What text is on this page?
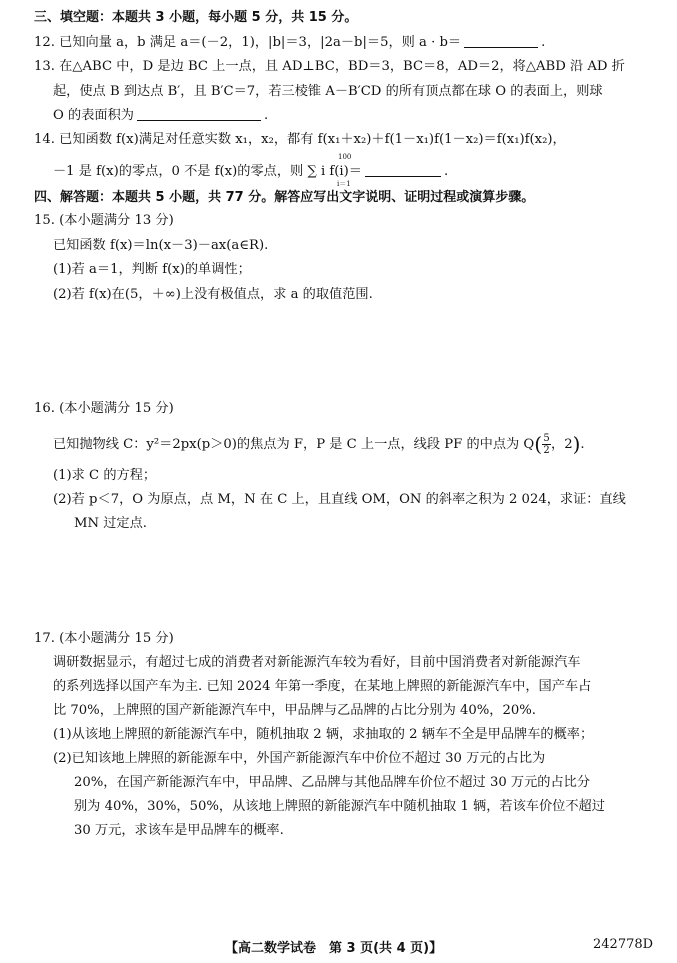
三、填空题：本题共 3 小题，每小题 5 分，共 15 分。
12. 已知向量 a，b 满足 a＝(－2，1)，|b|＝3，|2a－b|＝5，则 a · b＝	.
13. 在△ABC 中，D 是边 BC 上一点，且 AD⊥BC，BD＝3，BC＝8，AD＝2，将△ABD 沿 AD 折
起，使点 B 到达点 B′，且 B′C＝7，若三棱锥 A－B′CD 的所有顶点都在球 O 的表面上，则球
O 的表面积为	.
14. 已知函数 f(x)满足对任意实数 x₁，x₂，都有 f(x₁＋x₂)＋f(1－x₁)f(1－x₂)＝f(x₁)f(x₂)，
－1 是 f(x)的零点，0 不是 f(x)的零点，则 ∑ i f(i)＝	.
100
i＝1
四、解答题：本题共 5 小题，共 77 分。解答应写出文字说明、证明过程或演算步骤。
15. (本小题满分 13 分)
已知函数 f(x)＝ln(x－3)－ax(a∈R).
(1)若 a＝1，判断 f(x)的单调性；
(2)若 f(x)在(5，＋∞)上没有极值点，求 a 的取值范围.
16. (本小题满分 15 分)
已知抛物线 C：y²＝2px(p＞0)的焦点为 F，P 是 C 上一点，线段 PF 的中点为 $Q( \frac{5}{2}$ ，2).
(1)求 C 的方程；
(2)若 p＜7，O 为原点，点 M，N 在 C 上，且直线 OM，ON 的斜率之积为 2 024，求证：直线
MN 过定点.
17. (本小题满分 15 分)
调研数据显示，有超过七成的消费者对新能源汽车较为看好，目前中国消费者对新能源汽车
的系列选择以国产车为主. 已知 2024 年第一季度，在某地上牌照的新能源汽车中，国产车占
比 70%，上牌照的国产新能源汽车中，甲品牌与乙品牌的占比分别为 40%，20%.
(1)从该地上牌照的新能源汽车中，随机抽取 2 辆，求抽取的 2 辆车不全是甲品牌车的概率；
(2)已知该地上牌照的新能源车中，外国产新能源汽车中价位不超过 30 万元的占比为
20%，在国产新能源汽车中，甲品牌、乙品牌与其他品牌车价位不超过 30 万元的占比分
别为 40%，30%，50%，从该地上牌照的新能源汽车中随机抽取 1 辆，若该车价位不超过
30 万元，求该车是甲品牌车的概率.
【高二数学试卷　第 3 页(共 4 页)】	242778D
